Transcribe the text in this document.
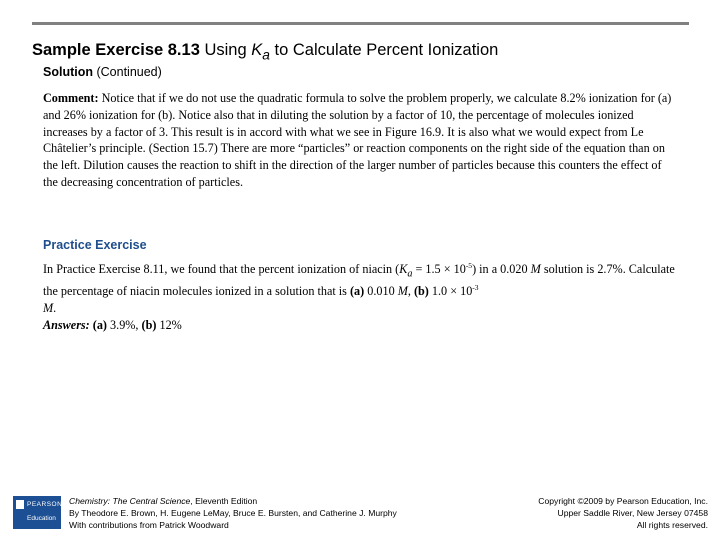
Sample Exercise 8.13 Using $K_a$ to Calculate Percent Ionization
Solution (Continued)

Comment: Notice that if we do not use the quadratic formula to solve the problem properly, we calculate 8.2% ionization for (a) and 26% ionization for (b). Notice also that in diluting the solution by a factor of 10, the percentage of molecules ionized increases by a factor of 3. This result is in accord with what we see in Figure 16.9. It is also what we would expect from Le Châtelier’s principle. (Section 15.7) There are more “particles” or reaction components on the right side of the equation than on the left. Dilution causes the reaction to shift in the direction of the larger number of particles because this counters the effect of the decreasing concentration of particles.

Practice Exercise

In Practice Exercise 8.11, we found that the percent ionization of niacin $(K_a = 1.5 \times 10^{-5})$ in a 0.020 M solution is 2.7%. Calculate the percentage of niacin molecules ionized in a solution that is (a) 0.010 M, (b) $1.0 \times 10^{-3}$
M.
Answers: (a) 3.9%, (b) 12%

PEARSON
Education
Chemistry: The Central Science, Eleventh Edition
By Theodore E. Brown, H. Eugene LeMay, Bruce E. Bursten, and Catherine J. Murphy
With contributions from Patrick Woodward
Copyright ©2009 by Pearson Education, Inc.
Upper Saddle River, New Jersey 07458
All rights reserved.
